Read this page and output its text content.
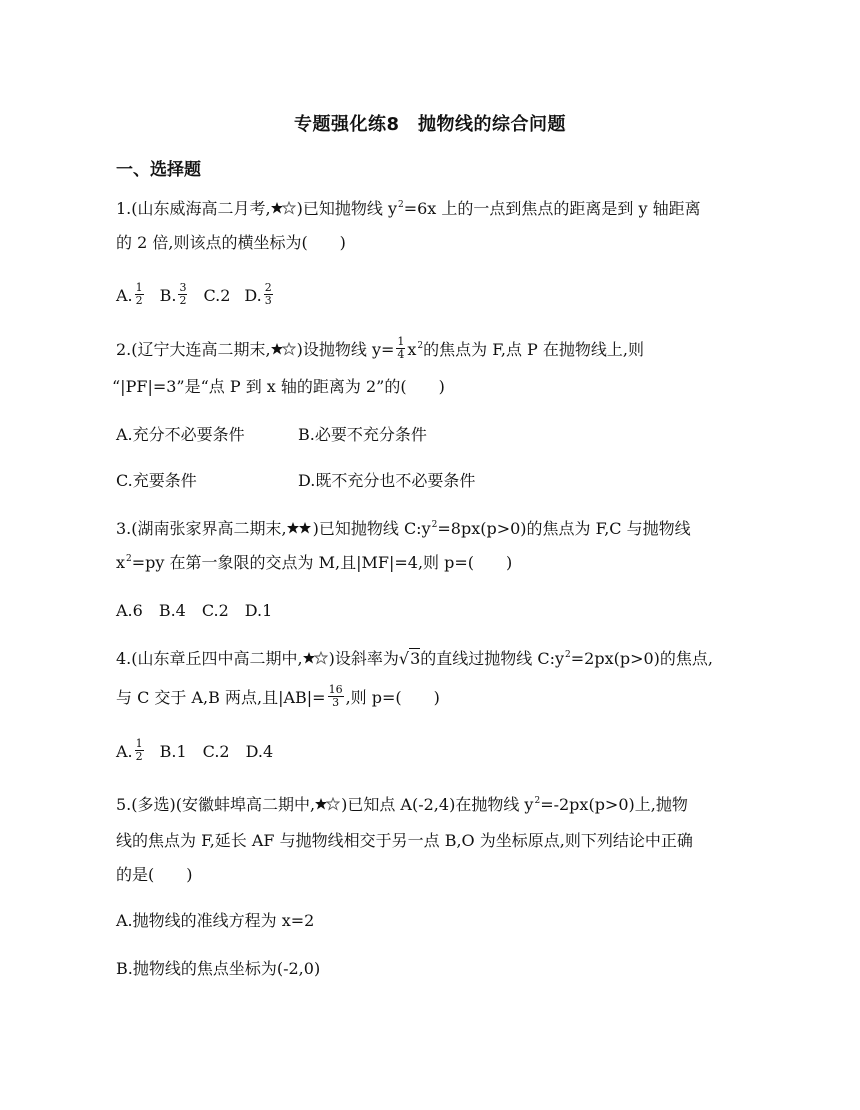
专题强化练8　抛物线的综合问题
一、选择题
1.(山东威海高二月考, )已知抛物线 $y^2=6x$ 上的一点到焦点的距离是到 y 轴距离
的 2 倍,则该点的横坐标为(　　)
A. $\frac{1}{2} B$. $\frac{3}{2} C.2$ D. $\frac{2}{3}$
2.(辽宁大连高二期末, )设抛物线 $y= \frac{1}{4} x^2$的焦点为 F,点 P 在抛物线上,则
“|PF|=3”是“点 P 到 x 轴的距离为 2”的(　　)
A.充分不必要条件	B.必要不充分条件
C.充要条件	D.既不充分也不必要条件
3.(湖南张家界高二期末, )已知抛物线 $C:y^2=8px(p>0)$的焦点为 F,C 与抛物线
$x^2=py$ 在第一象限的交点为 M,且|MF|=4,则 p=(　　)
A.6　B.4　C.2　D.1
4.(山东章丘四中高二期中, )设斜率为√3的直线过抛物线 $C:y^2=2px(p>0)$的焦点,
与 C 交于 A,B 两点,且$|AB|= \frac{16}{3}$ ,则 p=(　　)
A. $\frac{1}{2} B.1$　C.2　D.4
5.(多选)(安徽蚌埠高二期中, )已知点 A(-2,4)在抛物线 $y^2=-2px(p>0)$上,抛物
线的焦点为 F,延长 AF 与抛物线相交于另一点 B,O 为坐标原点,则下列结论中正确
的是(　　)
A.抛物线的准线方程为 x=2
B.抛物线的焦点坐标为(-2,0)
